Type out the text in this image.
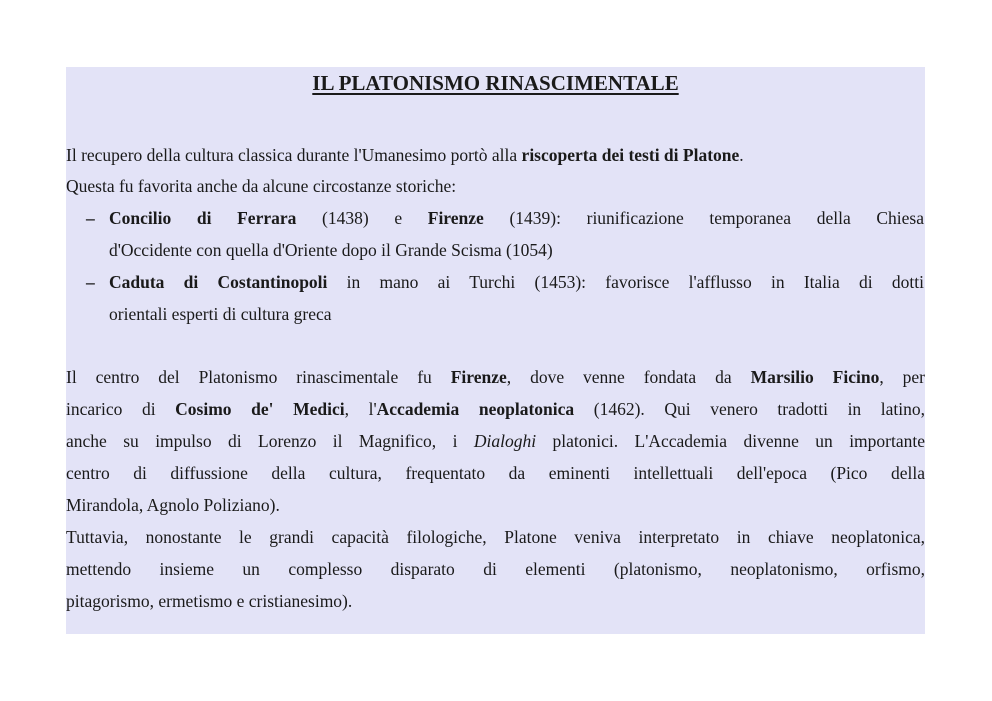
IL PLATONISMO RINASCIMENTALE
Il recupero della cultura classica durante l'Umanesimo portò alla riscoperta dei testi di Platone.
Questa fu favorita anche da alcune circostanze storiche:
– Concilio di Ferrara (1438) e Firenze (1439): riunificazione temporanea della Chiesa
d'Occidente con quella d'Oriente dopo il Grande Scisma (1054)
– Caduta di Costantinopoli in mano ai Turchi (1453): favorisce l'afflusso in Italia di dotti
orientali esperti di cultura greca
Il centro del Platonismo rinascimentale fu Firenze, dove venne fondata da Marsilio Ficino, per
incarico di Cosimo de' Medici, l'Accademia neoplatonica (1462). Qui venero tradotti in latino,
anche su impulso di Lorenzo il Magnifico, i Dialoghi platonici. L'Accademia divenne un importante
centro di diffussione della cultura, frequentato da eminenti intellettuali dell'epoca (Pico della
Mirandola, Agnolo Poliziano).
Tuttavia, nonostante le grandi capacità filologiche, Platone veniva interpretato in chiave neoplatonica,
mettendo insieme un complesso disparato di elementi (platonismo, neoplatonismo, orfismo,
pitagorismo, ermetismo e cristianesimo).
